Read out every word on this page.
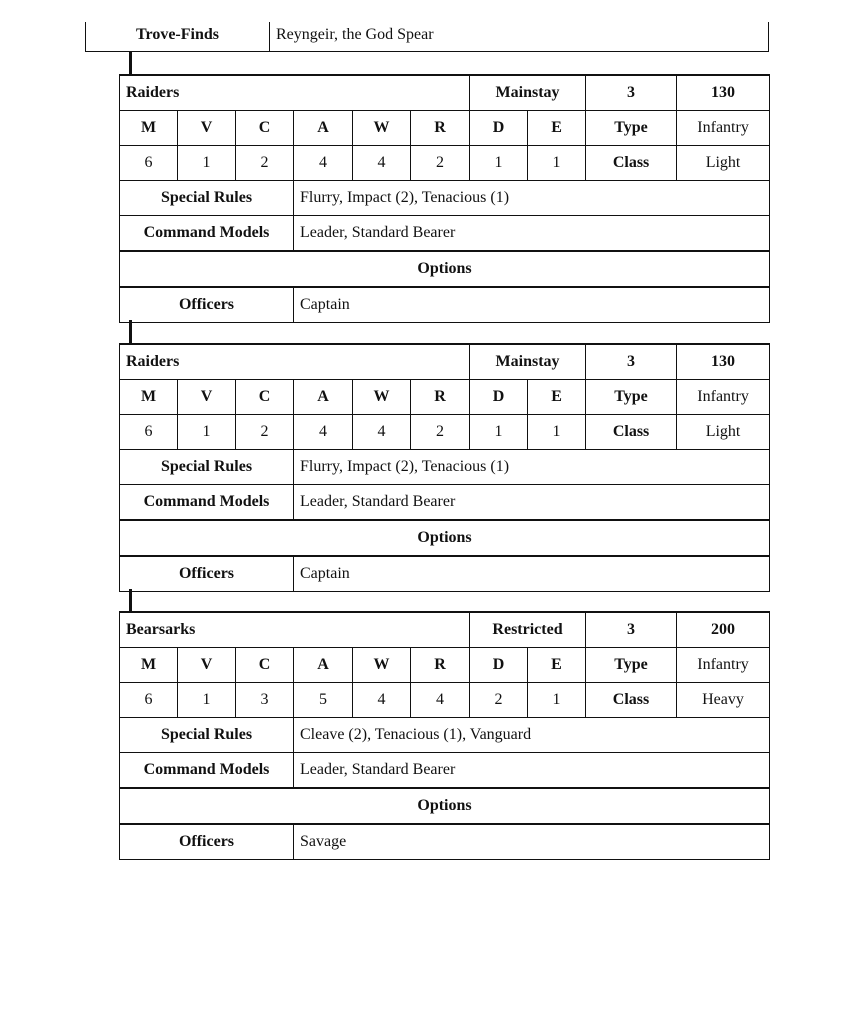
Trove-Finds	Reyngeir, the God Spear
Raiders						Mainstay		3	130
M	V	C	A	W	R	D	E	Type	Infantry
6	1	2	4	4	2	1	1	Class	Light
Special Rules			Flurry, Impact (2), Tenacious (1)						
Command Models			Leader, Standard Bearer						
Options									
Officers			Captain						
Raiders						Mainstay		3	130
M	V	C	A	W	R	D	E	Type	Infantry
6	1	2	4	4	2	1	1	Class	Light
Special Rules			Flurry, Impact (2), Tenacious (1)						
Command Models			Leader, Standard Bearer						
Options									
Officers			Captain						
Bearsarks						Restricted		3	200
M	V	C	A	W	R	D	E	Type	Infantry
6	1	3	5	4	4	2	1	Class	Heavy
Special Rules			Cleave (2), Tenacious (1), Vanguard						
Command Models			Leader, Standard Bearer						
Options									
Officers			Savage						
